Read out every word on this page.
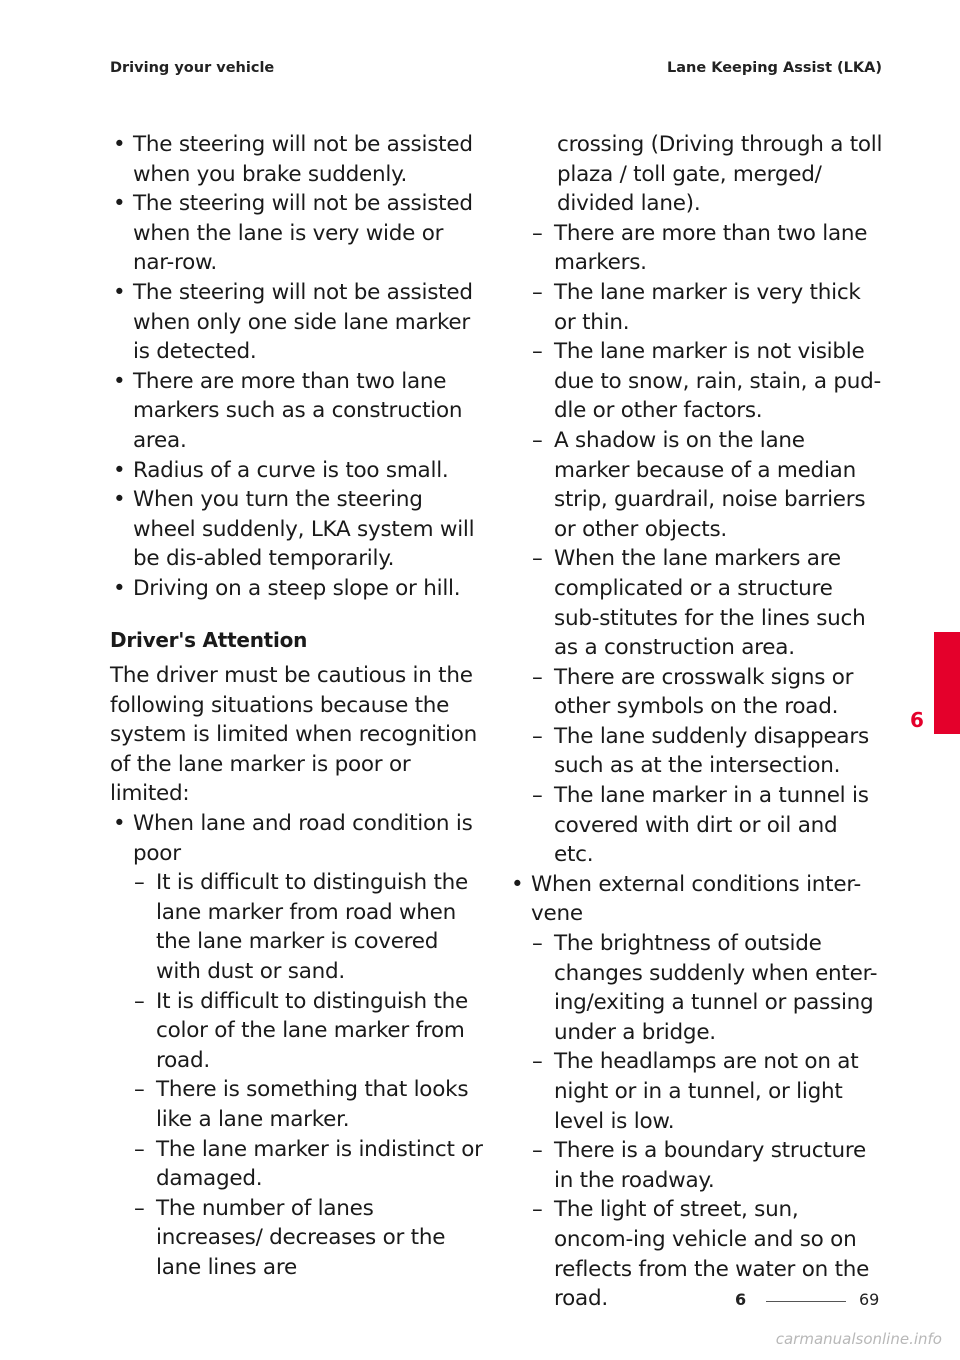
Driving your vehicle	Lane Keeping Assist (LKA)
• The steering will not be assisted when you brake suddenly.
• The steering will not be assisted when the lane is very wide or nar-row.
• The steering will not be assisted when only one side lane marker is detected.
• There are more than two lane markers such as a construction area.
• Radius of a curve is too small.
• When you turn the steering wheel suddenly, LKA system will be dis-abled temporarily.
• Driving on a steep slope or hill.
Driver's Attention
The driver must be cautious in the following situations because the system is limited when recognition of the lane marker is poor or limited:
• When lane and road condition is poor
– It is difficult to distinguish the lane marker from road when the lane marker is covered with dust or sand.
– It is difficult to distinguish the color of the lane marker from road.
– There is something that looks like a lane marker.
– The lane marker is indistinct or damaged.
– The number of lanes increases/ decreases or the lane lines are
crossing (Driving through a toll plaza / toll gate, merged/ divided lane).
– There are more than two lane markers.
– The lane marker is very thick or thin.
– The lane marker is not visible due to snow, rain, stain, a pud-dle or other factors.
– A shadow is on the lane marker because of a median strip, guardrail, noise barriers or other objects.
– When the lane markers are complicated or a structure sub-stitutes for the lines such as a construction area.
– There are crosswalk signs or other symbols on the road.
– The lane suddenly disappears such as at the intersection.
– The lane marker in a tunnel is covered with dirt or oil and etc.
• When external conditions inter-vene
– The brightness of outside changes suddenly when enter-ing/exiting a tunnel or passing under a bridge.
– The headlamps are not on at night or in a tunnel, or light level is low.
– There is a boundary structure in the roadway.
– The light of street, sun, oncom-ing vehicle and so on reflects from the water on the road.
6
6	69
carmanualsonline.info
